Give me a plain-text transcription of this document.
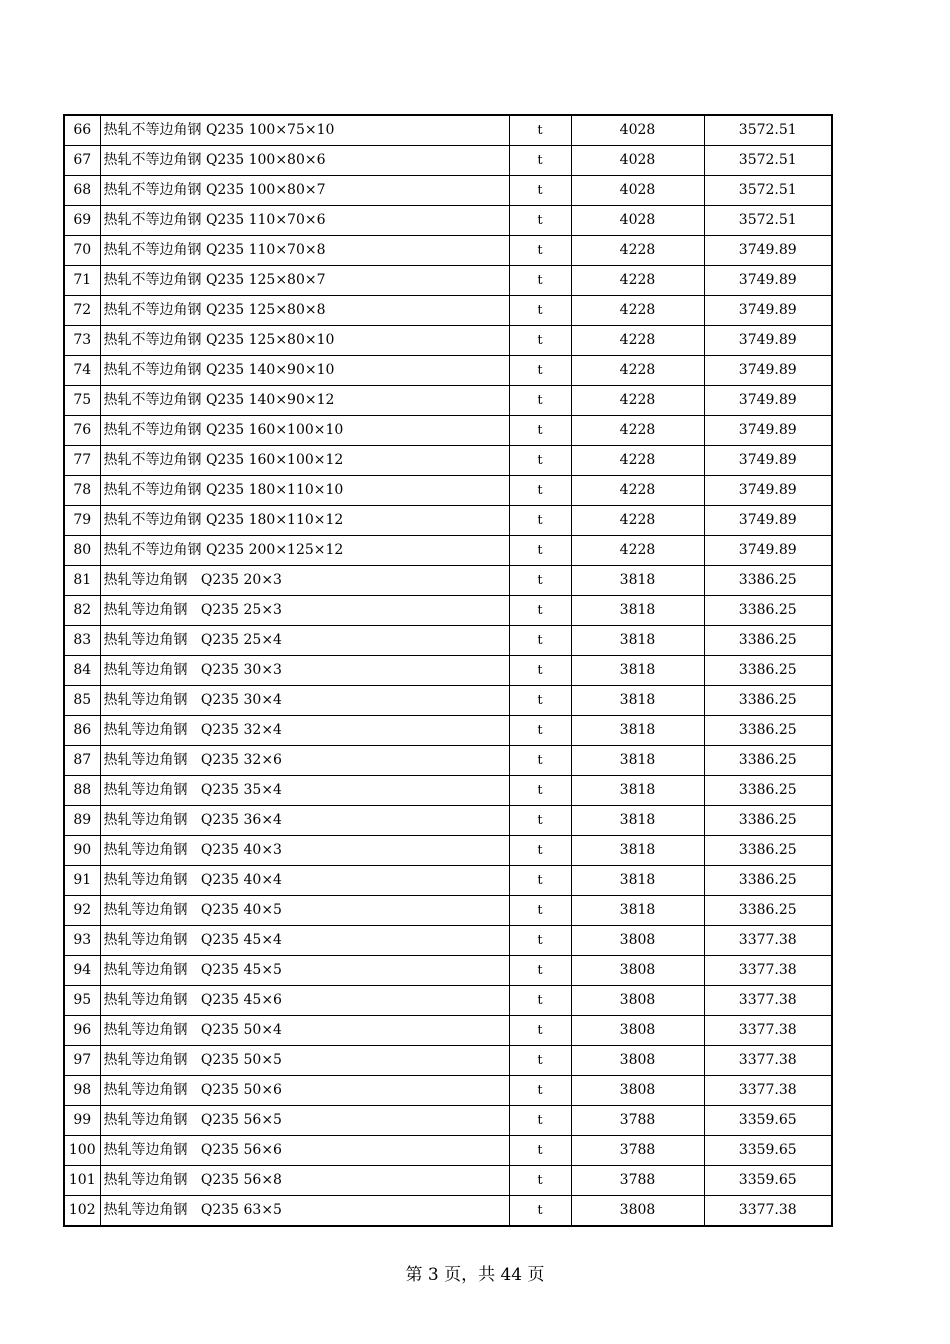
66	热轧不等边角钢 Q235 100×75×10	t	4028	3572.51
67	热轧不等边角钢 Q235 100×80×6	t	4028	3572.51
68	热轧不等边角钢 Q235 100×80×7	t	4028	3572.51
69	热轧不等边角钢 Q235 110×70×6	t	4028	3572.51
70	热轧不等边角钢 Q235 110×70×8	t	4228	3749.89
71	热轧不等边角钢 Q235 125×80×7	t	4228	3749.89
72	热轧不等边角钢 Q235 125×80×8	t	4228	3749.89
73	热轧不等边角钢 Q235 125×80×10	t	4228	3749.89
74	热轧不等边角钢 Q235 140×90×10	t	4228	3749.89
75	热轧不等边角钢 Q235 140×90×12	t	4228	3749.89
76	热轧不等边角钢 Q235 160×100×10	t	4228	3749.89
77	热轧不等边角钢 Q235 160×100×12	t	4228	3749.89
78	热轧不等边角钢 Q235 180×110×10	t	4228	3749.89
79	热轧不等边角钢 Q235 180×110×12	t	4228	3749.89
80	热轧不等边角钢 Q235 200×125×12	t	4228	3749.89
81	热轧等边角钢   Q235 20×3	t	3818	3386.25
82	热轧等边角钢   Q235 25×3	t	3818	3386.25
83	热轧等边角钢   Q235 25×4	t	3818	3386.25
84	热轧等边角钢   Q235 30×3	t	3818	3386.25
85	热轧等边角钢   Q235 30×4	t	3818	3386.25
86	热轧等边角钢   Q235 32×4	t	3818	3386.25
87	热轧等边角钢   Q235 32×6	t	3818	3386.25
88	热轧等边角钢   Q235 35×4	t	3818	3386.25
89	热轧等边角钢   Q235 36×4	t	3818	3386.25
90	热轧等边角钢   Q235 40×3	t	3818	3386.25
91	热轧等边角钢   Q235 40×4	t	3818	3386.25
92	热轧等边角钢   Q235 40×5	t	3818	3386.25
93	热轧等边角钢   Q235 45×4	t	3808	3377.38
94	热轧等边角钢   Q235 45×5	t	3808	3377.38
95	热轧等边角钢   Q235 45×6	t	3808	3377.38
96	热轧等边角钢   Q235 50×4	t	3808	3377.38
97	热轧等边角钢   Q235 50×5	t	3808	3377.38
98	热轧等边角钢   Q235 50×6	t	3808	3377.38
99	热轧等边角钢   Q235 56×5	t	3788	3359.65
100	热轧等边角钢   Q235 56×6	t	3788	3359.65
101	热轧等边角钢   Q235 56×8	t	3788	3359.65
102	热轧等边角钢   Q235 63×5	t	3808	3377.38
第 3 页，共 44 页
